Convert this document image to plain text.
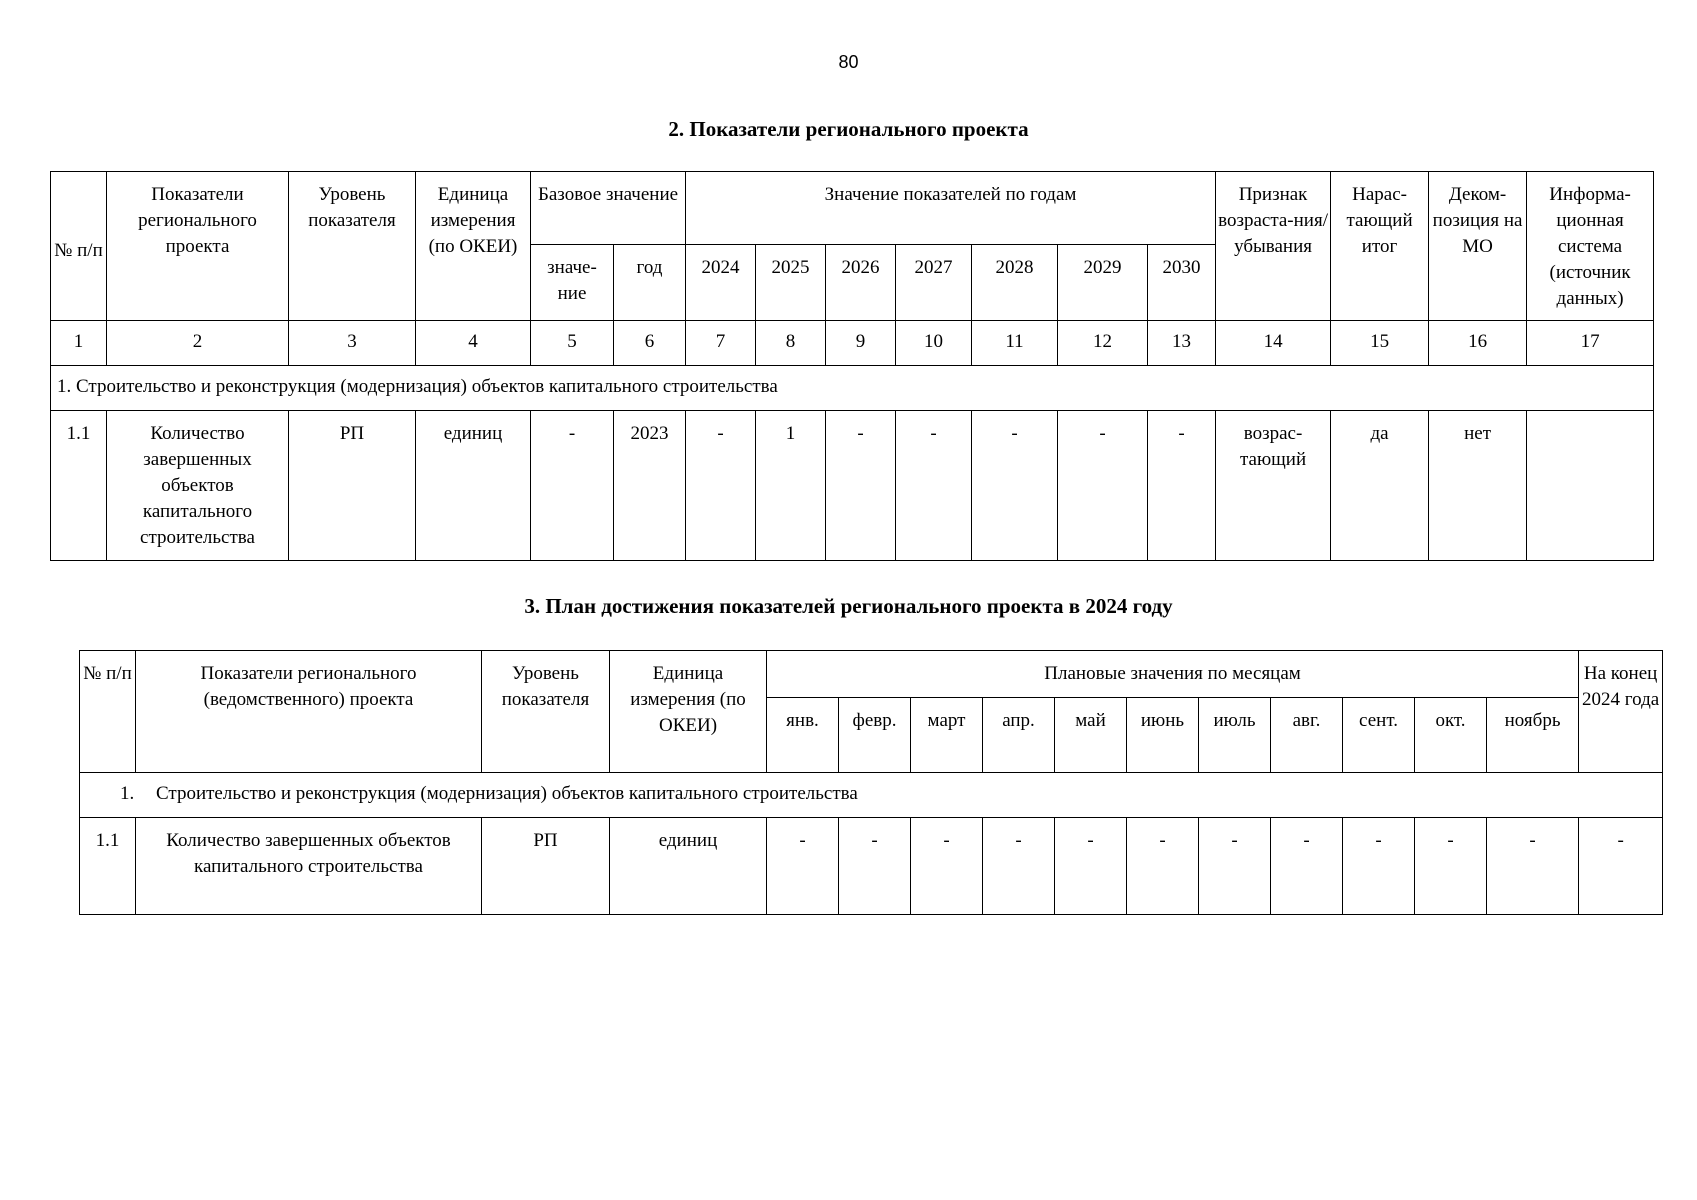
80
2. Показатели регионального проекта
№ п/п	Показатели регионального проекта	Уровень показателя	Единица измерения (по ОКЕИ)	Базовое значение		Значение показателей по годам							Признак возраста-ния/ убывания	Нарас-тающий итог	Деком-позиция на МО	Информа-ционная система (источник данных)
				значе-ние	год	2024	2025	2026	2027	2028	2029	2030				
1	2	3	4	5	6	7	8	9	10	11	12	13	14	15	16	17
1. Строительство и реконструкция (модернизация) объектов капитального строительства																
1.1	Количество завершенных объектов капитального строительства	РП	единиц	-	2023	-	1	-	-	-	-	-	возрас-тающий	да	нет	
3. План достижения показателей регионального проекта в 2024 году
№ п/п	Показатели регионального (ведомственного) проекта	Уровень показателя	Единица измерения (по ОКЕИ)	Плановые значения по месяцам											На конец 2024 года
				янв.	февр.	март	апр.	май	июнь	июль	авг.	сент.	окт.	ноябрь	
1. Строительство и реконструкция (модернизация) объектов капитального строительства															
1.1	Количество завершенных объектов капитального строительства	РП	единиц	-	-	-	-	-	-	-	-	-	-	-	-
